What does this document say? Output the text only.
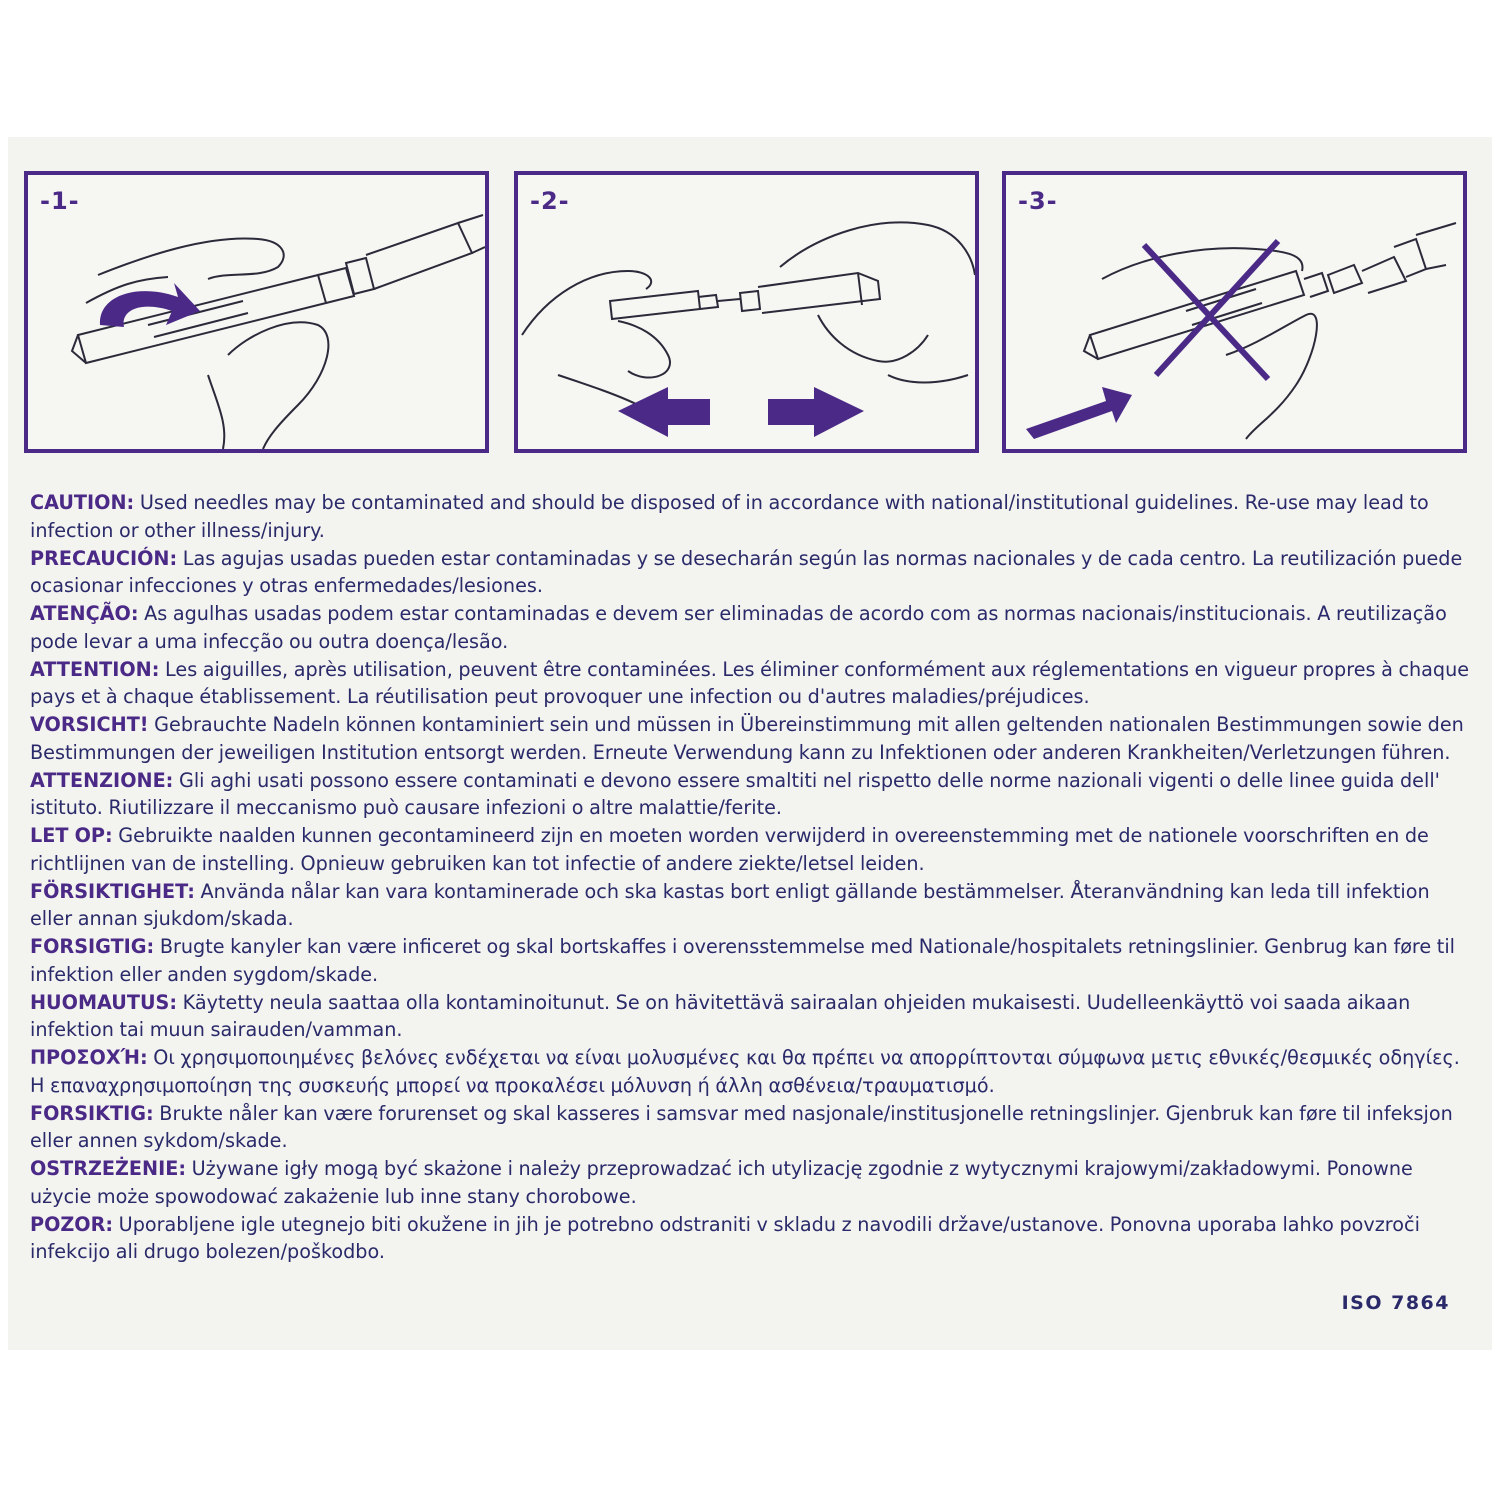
-1-	-2-	-3-

CAUTION: Used needles may be contaminated and should be disposed of in accordance with national/institutional guidelines. Re-use may lead to infection or other illness/injury.

PRECAUCIÓN: Las agujas usadas pueden estar contaminadas y se desecharán según las normas nacionales y de cada centro. La reutilización puede ocasionar infecciones y otras enfermedades/lesiones.

ATENÇÃO: As agulhas usadas podem estar contaminadas e devem ser eliminadas de acordo com as normas nacionais/institucionais. A reutilização pode levar a uma infecção ou outra doença/lesão.

ATTENTION: Les aiguilles, après utilisation, peuvent être contaminées. Les éliminer conformément aux réglementations en vigueur propres à chaque pays et à chaque établissement. La réutilisation peut provoquer une infection ou d'autres maladies/préjudices.

VORSICHT! Gebrauchte Nadeln können kontaminiert sein und müssen in Übereinstimmung mit allen geltenden nationalen Bestimmungen sowie den Bestimmungen der jeweiligen Institution entsorgt werden. Erneute Verwendung kann zu Infektionen oder anderen Krankheiten/Verletzungen führen.

ATTENZIONE: Gli aghi usati possono essere contaminati e devono essere smaltiti nel rispetto delle norme nazionali vigenti o delle linee guida dell' istituto. Riutilizzare il meccanismo può causare infezioni o altre malattie/ferite.

LET OP: Gebruikte naalden kunnen gecontamineerd zijn en moeten worden verwijderd in overeenstemming met de nationele voorschriften en de richtlijnen van de instelling. Opnieuw gebruiken kan tot infectie of andere ziekte/letsel leiden.

FÖRSIKTIGHET: Använda nålar kan vara kontaminerade och ska kastas bort enligt gällande bestämmelser. Återanvändning kan leda till infektion eller annan sjukdom/skada.

FORSIGTIG: Brugte kanyler kan være inficeret og skal bortskaffes i overensstemmelse med Nationale/hospitalets retningslinier. Genbrug kan føre til infektion eller anden sygdom/skade.

HUOMAUTUS: Käytetty neula saattaa olla kontaminoitunut. Se on hävitettävä sairaalan ohjeiden mukaisesti. Uudelleenkäyttö voi saada aikaan infektion tai muun sairauden/vamman.

ΠΡΟΣΟΧΉ: Οι χρησιμοποιημένες βελόνες ενδέχεται να είναι μολυσμένες και θα πρέπει να απορρίπτονται σύμφωνα μετις εθνικές/θεσμικές οδηγίες. Η επαναχρησιμοποίηση της συσκευής μπορεί να προκαλέσει μόλυνση ή άλλη ασθένεια/τραυματισμό.

FORSIKTIG: Brukte nåler kan være forurenset og skal kasseres i samsvar med nasjonale/institusjonelle retningslinjer. Gjenbruk kan føre til infeksjon eller annen sykdom/skade.

OSTRZEŻENIE: Używane igły mogą być skażone i należy przeprowadzać ich utylizację zgodnie z wytycznymi krajowymi/zakładowymi. Ponowne użycie może spowodować zakażenie lub inne stany chorobowe.

POZOR: Uporabljene igle utegnejo biti okužene in jih je potrebno odstraniti v skladu z navodili države/ustanove. Ponovna uporaba lahko povzroči infekcijo ali drugo bolezen/poškodbo.

ISO 7864
